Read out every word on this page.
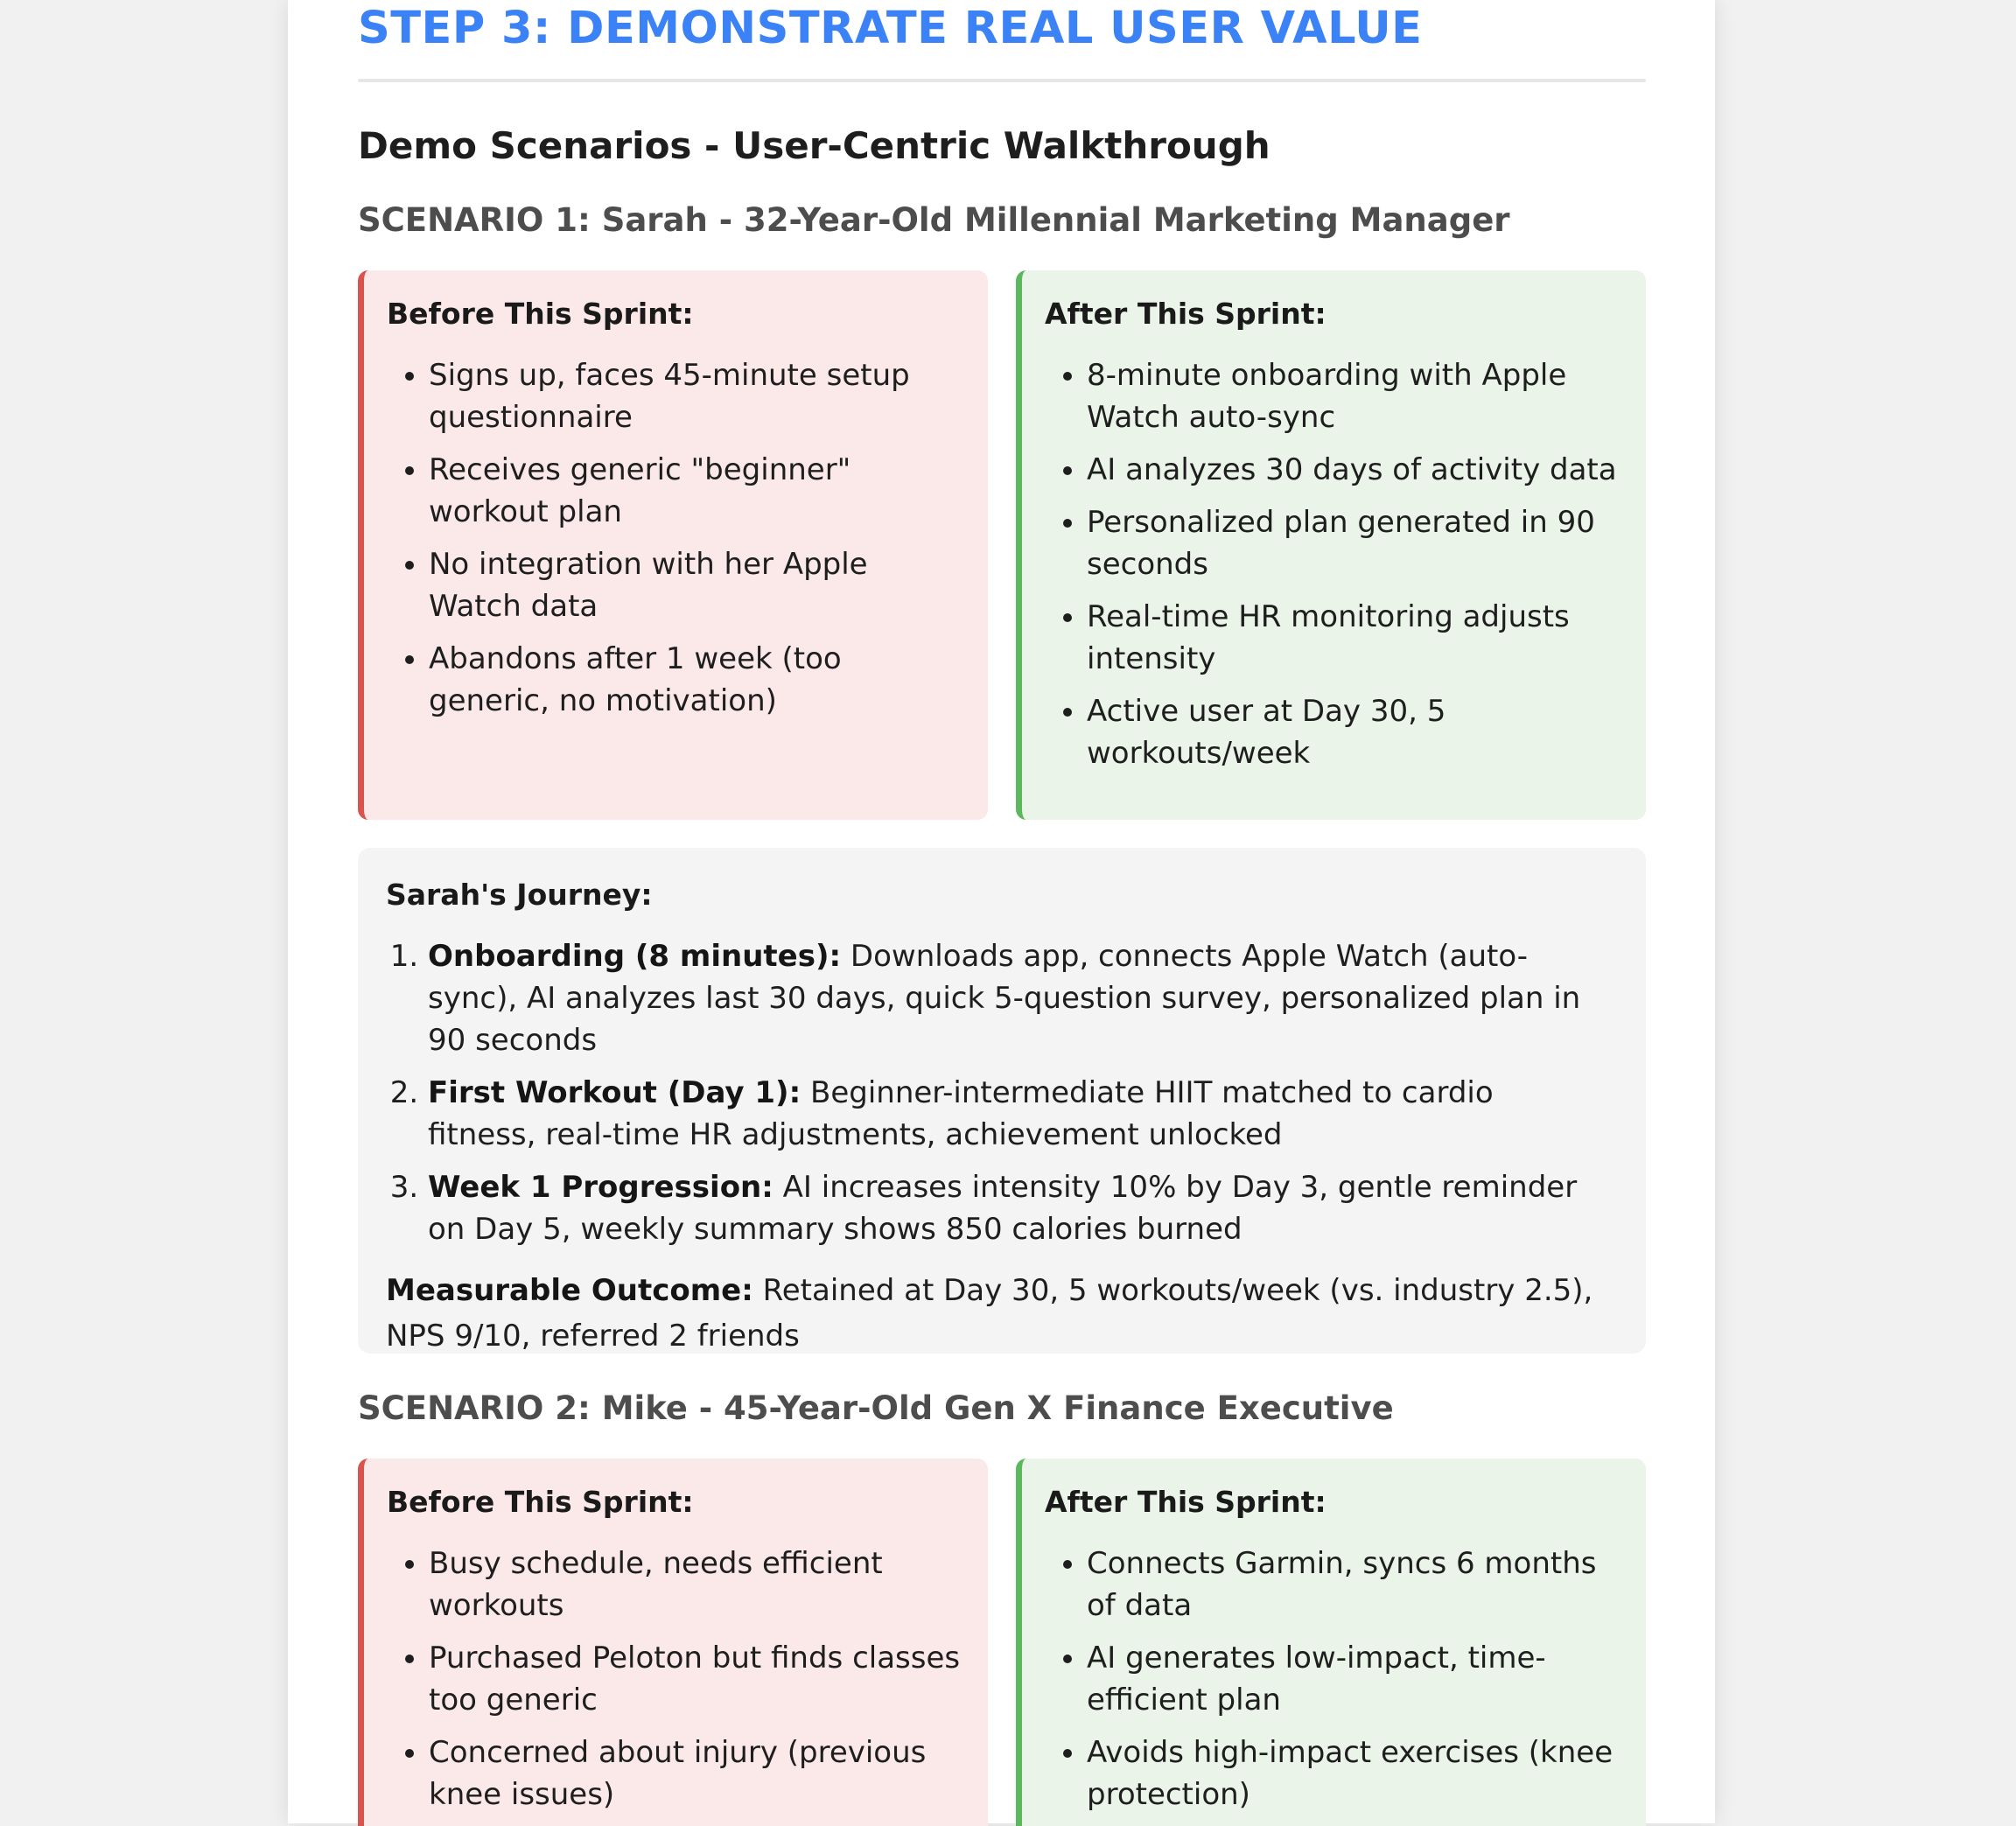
STEP 3: DEMONSTRATE REAL USER VALUE
Demo Scenarios - User-Centric Walkthrough
SCENARIO 1: Sarah - 32-Year-Old Millennial Marketing Manager

Before This Sprint:

• Signs up, faces 45-minute setup questionnaire
• Receives generic "beginner" workout plan
• No integration with her Apple Watch data
• Abandons after 1 week (too generic, no motivation)

After This Sprint:

• 8-minute onboarding with Apple Watch auto-sync
• AI analyzes 30 days of activity data
• Personalized plan generated in 90 seconds
• Real-time HR monitoring adjusts intensity
• Active user at Day 30, 5 workouts/week

Sarah's Journey:

1. Onboarding (8 minutes): Downloads app, connects Apple Watch (auto-sync), AI analyzes last 30 days, quick 5-question survey, personalized plan in 90 seconds
2. First Workout (Day 1): Beginner-intermediate HIIT matched to cardio fitness, real-time HR adjustments, achievement unlocked
3. Week 1 Progression: AI increases intensity 10% by Day 3, gentle reminder on Day 5, weekly summary shows 850 calories burned

Measurable Outcome: Retained at Day 30, 5 workouts/week (vs. industry 2.5), NPS 9/10, referred 2 friends

SCENARIO 2: Mike - 45-Year-Old Gen X Finance Executive

Before This Sprint:

• Busy schedule, needs efficient workouts
• Purchased Peloton but finds classes too generic
• Concerned about injury (previous knee issues)

After This Sprint:

• Connects Garmin, syncs 6 months of data
• AI generates low-impact, time-efficient plan
• Avoids high-impact exercises (knee protection)
